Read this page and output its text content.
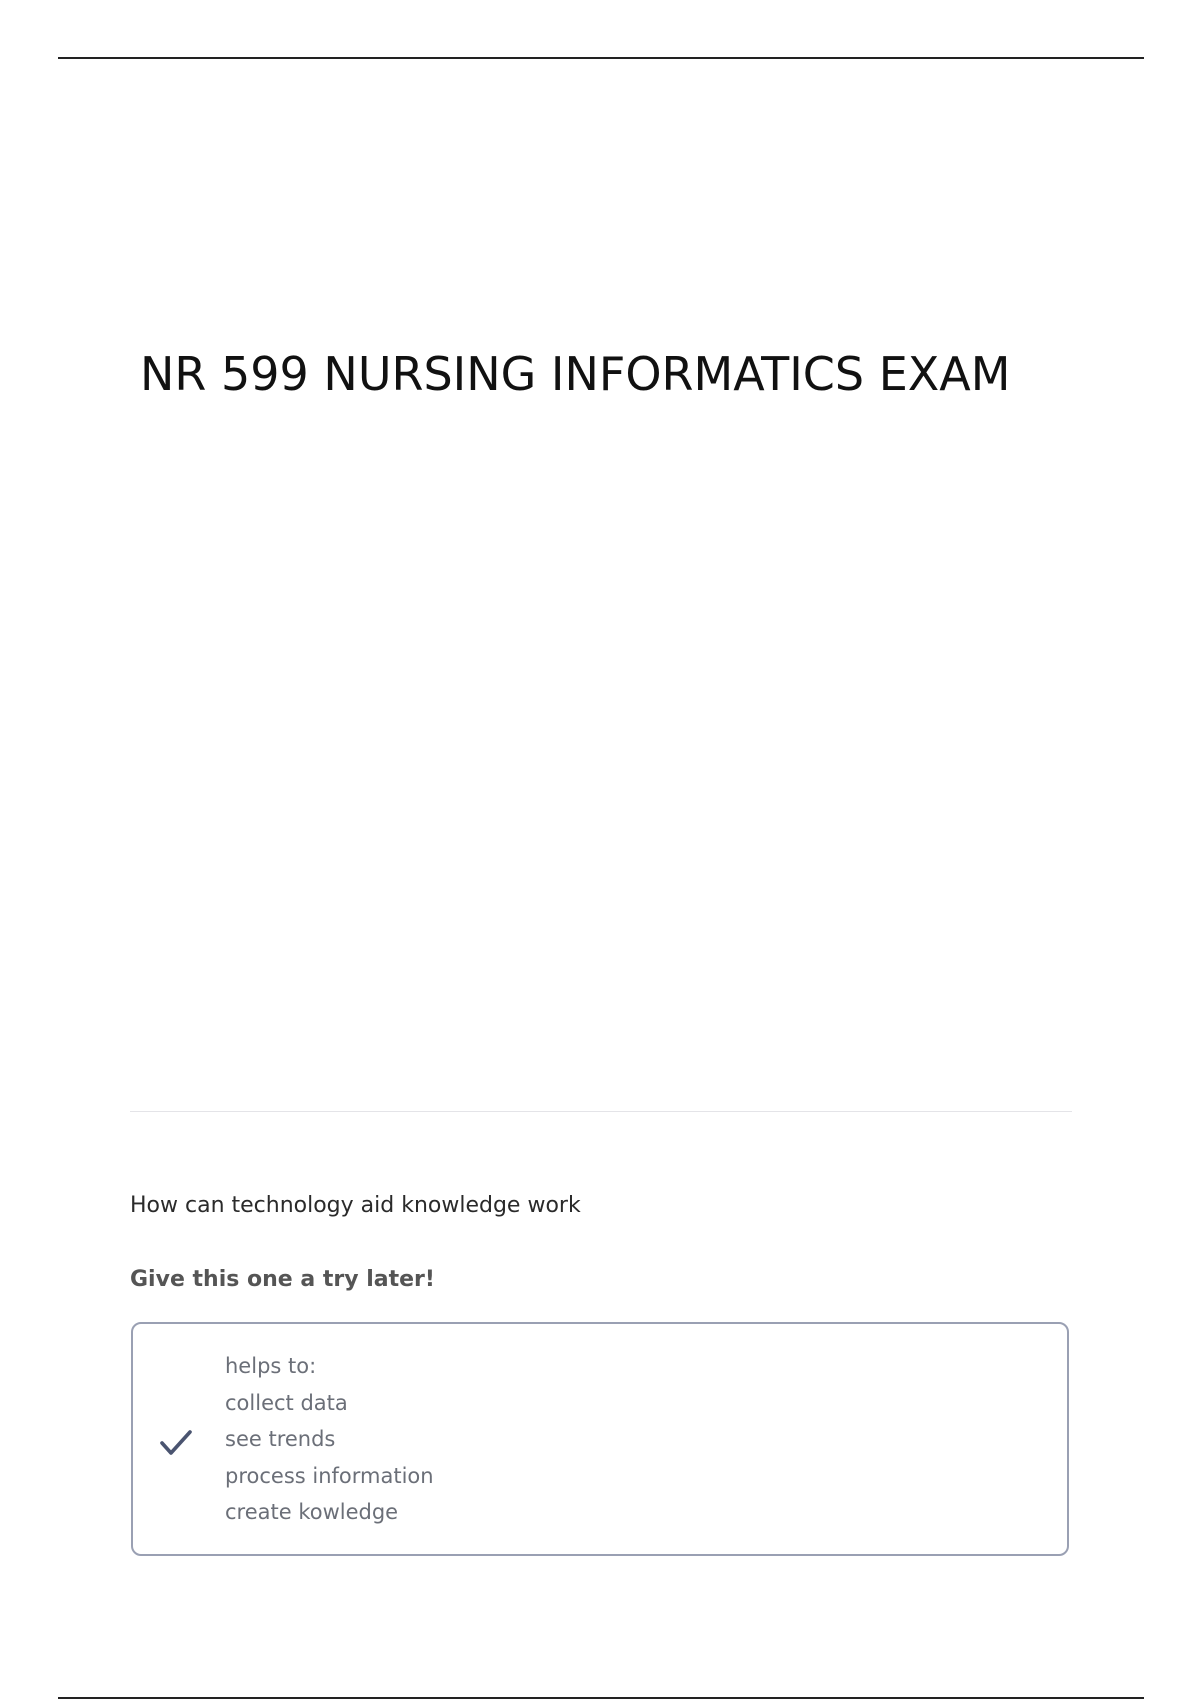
NR 599 NURSING INFORMATICS EXAM
How can technology aid knowledge work
Give this one a try later!
helps to:
collect data
see trends
process information
create kowledge
